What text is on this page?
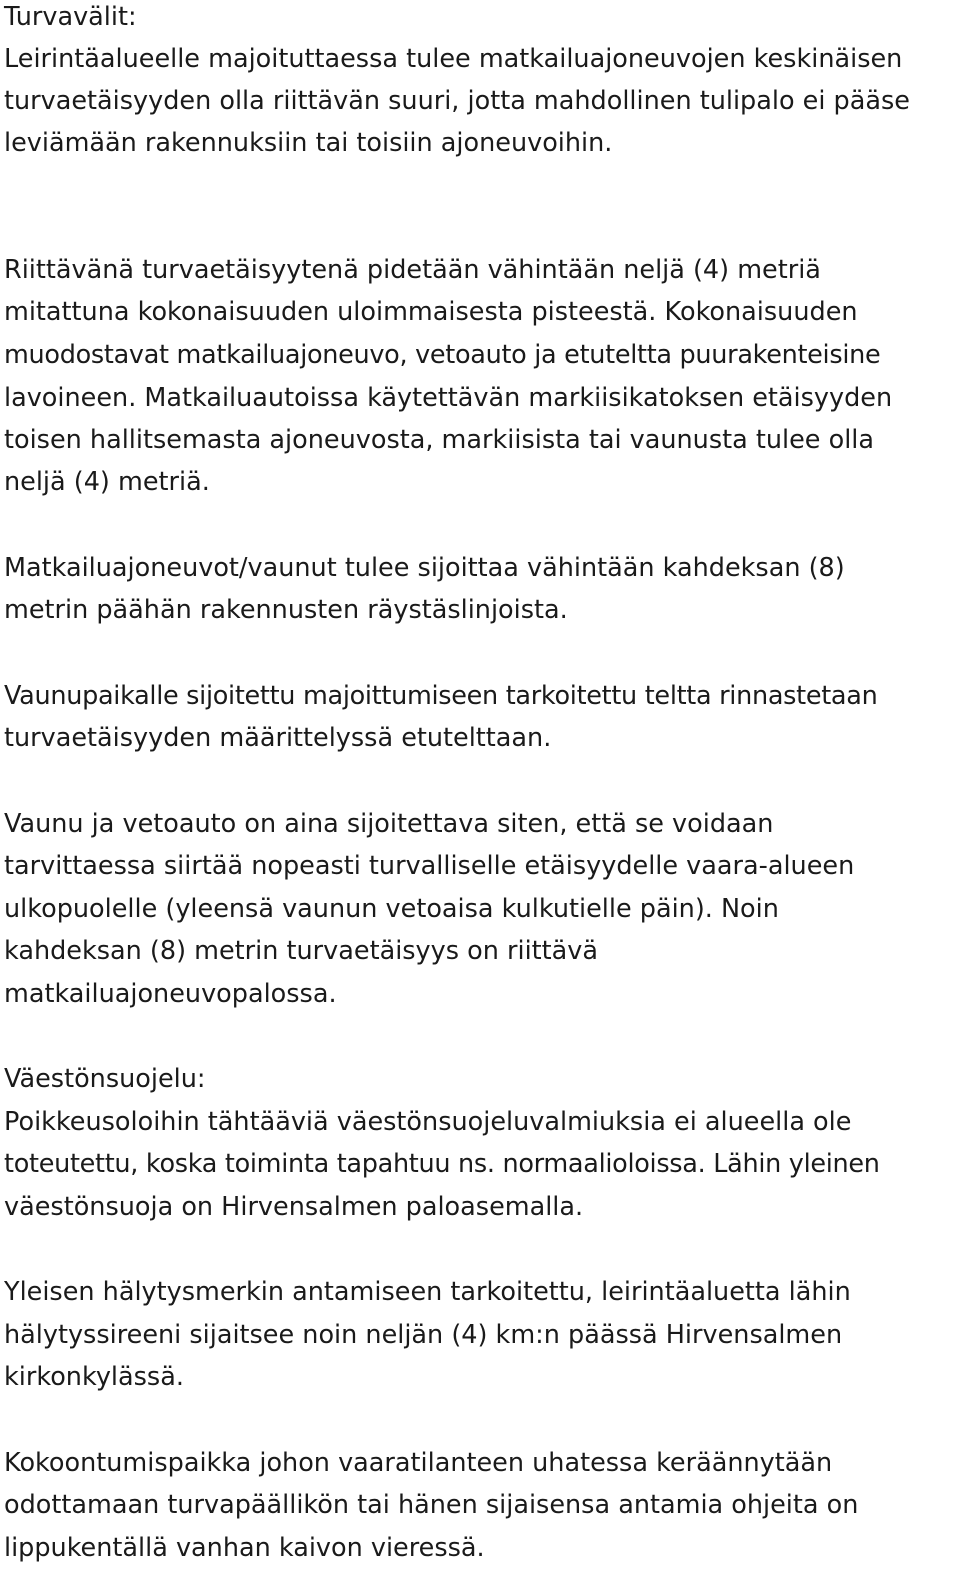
Turvavälit:
Leirintäalueelle majoituttaessa tulee matkailuajoneuvojen keskinäisen
turvaetäisyyden olla riittävän suuri, jotta mahdollinen tulipalo ei pääse
leviämään rakennuksiin tai toisiin ajoneuvoihin.
Riittävänä turvaetäisyytenä pidetään vähintään neljä (4) metriä
mitattuna kokonaisuuden uloimmaisesta pisteestä. Kokonaisuuden
muodostavat matkailuajoneuvo, vetoauto ja etuteltta puurakenteisine
lavoineen. Matkailuautoissa käytettävän markiisikatoksen etäisyyden
toisen hallitsemasta ajoneuvosta, markiisista tai vaunusta tulee olla
neljä (4) metriä.
Matkailuajoneuvot/vaunut tulee sijoittaa vähintään kahdeksan (8)
metrin päähän rakennusten räystäslinjoista.
Vaunupaikalle sijoitettu majoittumiseen tarkoitettu teltta rinnastetaan
turvaetäisyyden määrittelyssä etutelttaan.
Vaunu ja vetoauto on aina sijoitettava siten, että se voidaan
tarvittaessa siirtää nopeasti turvalliselle etäisyydelle vaara-alueen
ulkopuolelle (yleensä vaunun vetoaisa kulkutielle päin). Noin
kahdeksan (8) metrin turvaetäisyys on riittävä
matkailuajoneuvopalossa.
Väestönsuojelu:
Poikkeusoloihin tähtääviä väestönsuojeluvalmiuksia ei alueella ole
toteutettu, koska toiminta tapahtuu ns. normaalioloissa. Lähin yleinen
väestönsuoja on Hirvensalmen paloasemalla.
Yleisen hälytysmerkin antamiseen tarkoitettu, leirintäaluetta lähin
hälytyssireeni sijaitsee noin neljän (4) km:n päässä Hirvensalmen
kirkonkylässä.
Kokoontumispaikka johon vaaratilanteen uhatessa keräännytään
odottamaan turvapäällikön tai hänen sijaisensa antamia ohjeita on
lippukentällä vanhan kaivon vieressä.
